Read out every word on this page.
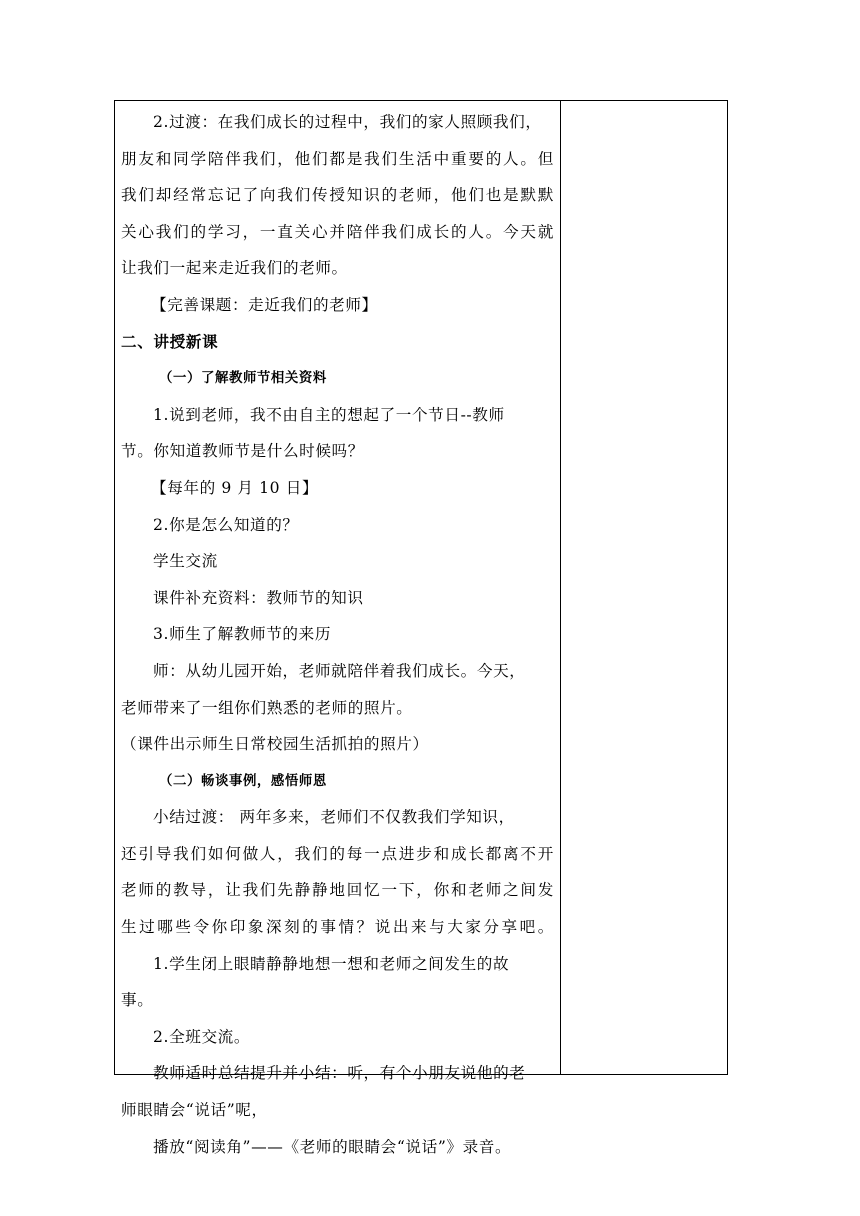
2.过渡：在我们成长的过程中，我们的家人照顾我们，
朋友和同学陪伴我们，他们都是我们生活中重要的人。但
我们却经常忘记了向我们传授知识的老师，他们也是默默
关心我们的学习，一直关心并陪伴我们成长的人。今天就
让我们一起来走近我们的老师。
【完善课题：走近我们的老师】
二、讲授新课
（一）了解教师节相关资料
1.说到老师，我不由自主的想起了一个节日--教师
节。你知道教师节是什么时候吗？
【每年的 9 月 10 日】
2.你是怎么知道的？
学生交流
课件补充资料：教师节的知识
3.师生了解教师节的来历
师：从幼儿园开始，老师就陪伴着我们成长。今天，
老师带来了一组你们熟悉的老师的照片。
（课件出示师生日常校园生活抓拍的照片）
（二）畅谈事例，感悟师恩
小结过渡： 两年多来，老师们不仅教我们学知识，
还引导我们如何做人，我们的每一点进步和成长都离不开
老师的教导，让我们先静静地回忆一下，你和老师之间发
生过哪些令你印象深刻的事情？说出来与大家分享吧。
1.学生闭上眼睛静静地想一想和老师之间发生的故
事。
2.全班交流。
教师适时总结提升并小结：听，有个小朋友说他的老
师眼睛会“说话”呢，
播放“阅读角”——《老师的眼睛会“说话”》录音。
